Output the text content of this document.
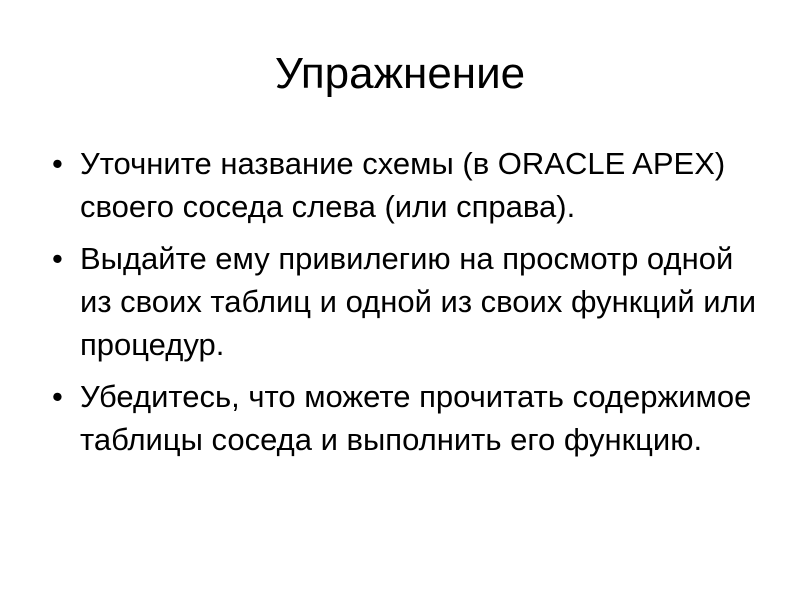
Упражнение
• Уточните название схемы (в ORACLE APEX) своего соседа слева (или справа).
• Выдайте ему привилегию на просмотр одной из своих таблиц и одной из своих функций или процедур.
• Убедитесь, что можете прочитать содержимое таблицы соседа и выполнить его функцию.
